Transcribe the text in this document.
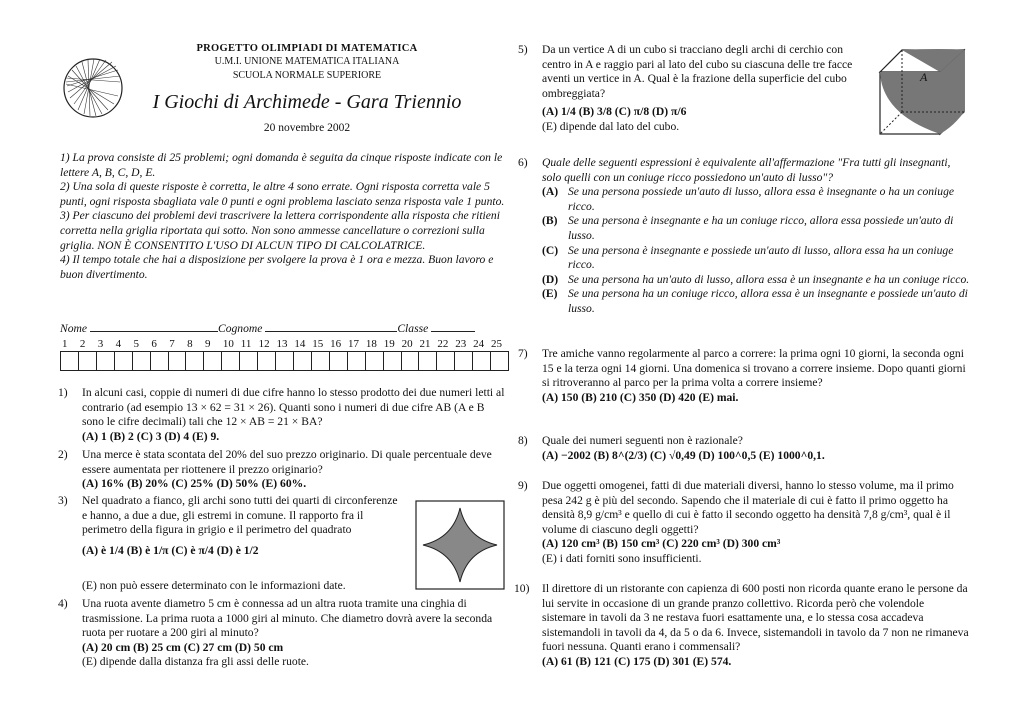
PROGETTO OLIMPIADI DI MATEMATICA
U.M.I. UNIONE MATEMATICA ITALIANA
SCUOLA NORMALE SUPERIORE
I Giochi di Archimede - Gara Triennio
20 novembre 2002
1) La prova consiste di 25 problemi; ogni domanda è seguita da cinque risposte indicate con le lettere A, B, C, D, E.
2) Una sola di queste risposte è corretta, le altre 4 sono errate. Ogni risposta corretta vale 5 punti, ogni risposta sbagliata vale 0 punti e ogni problema lasciato senza risposta vale 1 punto.
3) Per ciascuno dei problemi devi trascrivere la lettera corrispondente alla risposta che ritieni corretta nella griglia riportata qui sotto. Non sono ammesse cancellature o correzioni sulla griglia. NON È CONSENTITO L'USO DI ALCUN TIPO DI CALCOLATRICE.
4) Il tempo totale che hai a disposizione per svolgere la prova è 1 ora e mezza. Buon lavoro e buon divertimento.
Nome	Cognome	Classe
1	2	3	4	5	6	7	8	9	10 11 12 13 14 15 16 17 18 19 20 21 22 23 24 25
1) In alcuni casi, coppie di numeri di due cifre hanno lo stesso prodotto dei due numeri letti al contrario (ad esempio 13 × 62 = 31 × 26). Quanti sono i numeri di due cifre AB (A e B sono le cifre decimali) tali che 12 × AB = 21 × BA?
(A) 1 (B) 2 (C) 3 (D) 4 (E) 9.
2) Una merce è stata scontata del 20% del suo prezzo originario. Di quale percentuale deve essere aumentata per riottenere il prezzo originario?
(A) 16% (B) 20% (C) 25% (D) 50% (E) 60%.
3) Nel quadrato a fianco, gli archi sono tutti dei quarti di circonferenze e hanno, a due a due, gli estremi in comune. Il rapporto fra il perimetro della figura in grigio e il perimetro del quadrato
(A) è 1/4 (B) è 1/π (C) è π/4 (D) è 1/2
(E) non può essere determinato con le informazioni date.
4) Una ruota avente diametro 5 cm è connessa ad un altra ruota tramite una cinghia di trasmissione. La prima ruota a 1000 giri al minuto. Che diametro dovrà avere la seconda ruota per ruotare a 200 giri al minuto?
(A) 20 cm (B) 25 cm (C) 27 cm (D) 50 cm
(E) dipende dalla distanza fra gli assi delle ruote.
5) Da un vertice A di un cubo si tracciano degli archi di cerchio con centro in A e raggio pari al lato del cubo su ciascuna delle tre facce aventi un vertice in A. Qual è la frazione della superficie del cubo ombreggiata?
(A) 1/4 (B) 3/8 (C) π/8 (D) π/6
(E) dipende dal lato del cubo.
A
6) Quale delle seguenti espressioni è equivalente all'affermazione "Fra tutti gli insegnanti, solo quelli con un coniuge ricco possiedono un'auto di lusso"?
(A) Se una persona possiede un'auto di lusso, allora essa è insegnante o ha un coniuge ricco.
(B) Se una persona è insegnante e ha un coniuge ricco, allora essa possiede un'auto di lusso.
(C) Se una persona è insegnante e possiede un'auto di lusso, allora essa ha un coniuge ricco.
(D) Se una persona ha un'auto di lusso, allora essa è un insegnante e ha un coniuge ricco.
(E) Se una persona ha un coniuge ricco, allora essa è un insegnante e possiede un'auto di lusso.
7) Tre amiche vanno regolarmente al parco a correre: la prima ogni 10 giorni, la seconda ogni 15 e la terza ogni 14 giorni. Una domenica si trovano a correre insieme. Dopo quanti giorni si ritroveranno al parco per la prima volta a correre insieme?
(A) 150 (B) 210 (C) 350 (D) 420 (E) mai.
8) Quale dei numeri seguenti non è razionale?
(A) −2002 (B) 8^(2/3) (C) √0,49 (D) 100^0,5 (E) 1000^0,1.
9) Due oggetti omogenei, fatti di due materiali diversi, hanno lo stesso volume, ma il primo pesa 242 g è più del secondo. Sapendo che il materiale di cui è fatto il primo oggetto ha densità 8,9 g/cm³ e quello di cui è fatto il secondo oggetto ha densità 7,8 g/cm³, qual è il volume di ciascuno degli oggetti?
(A) 120 cm³ (B) 150 cm³ (C) 220 cm³ (D) 300 cm³
(E) i dati forniti sono insufficienti.
10) Il direttore di un ristorante con capienza di 600 posti non ricorda quante erano le persone da lui servite in occasione di un grande pranzo collettivo. Ricorda però che volendole sistemare in tavoli da 3 ne restava fuori esattamente una, e lo stessa cosa accadeva sistemandoli in tavoli da 4, da 5 o da 6. Invece, sistemandoli in tavolo da 7 non ne rimaneva fuori nessuna. Quanti erano i commensali?
(A) 61 (B) 121 (C) 175 (D) 301 (E) 574.
